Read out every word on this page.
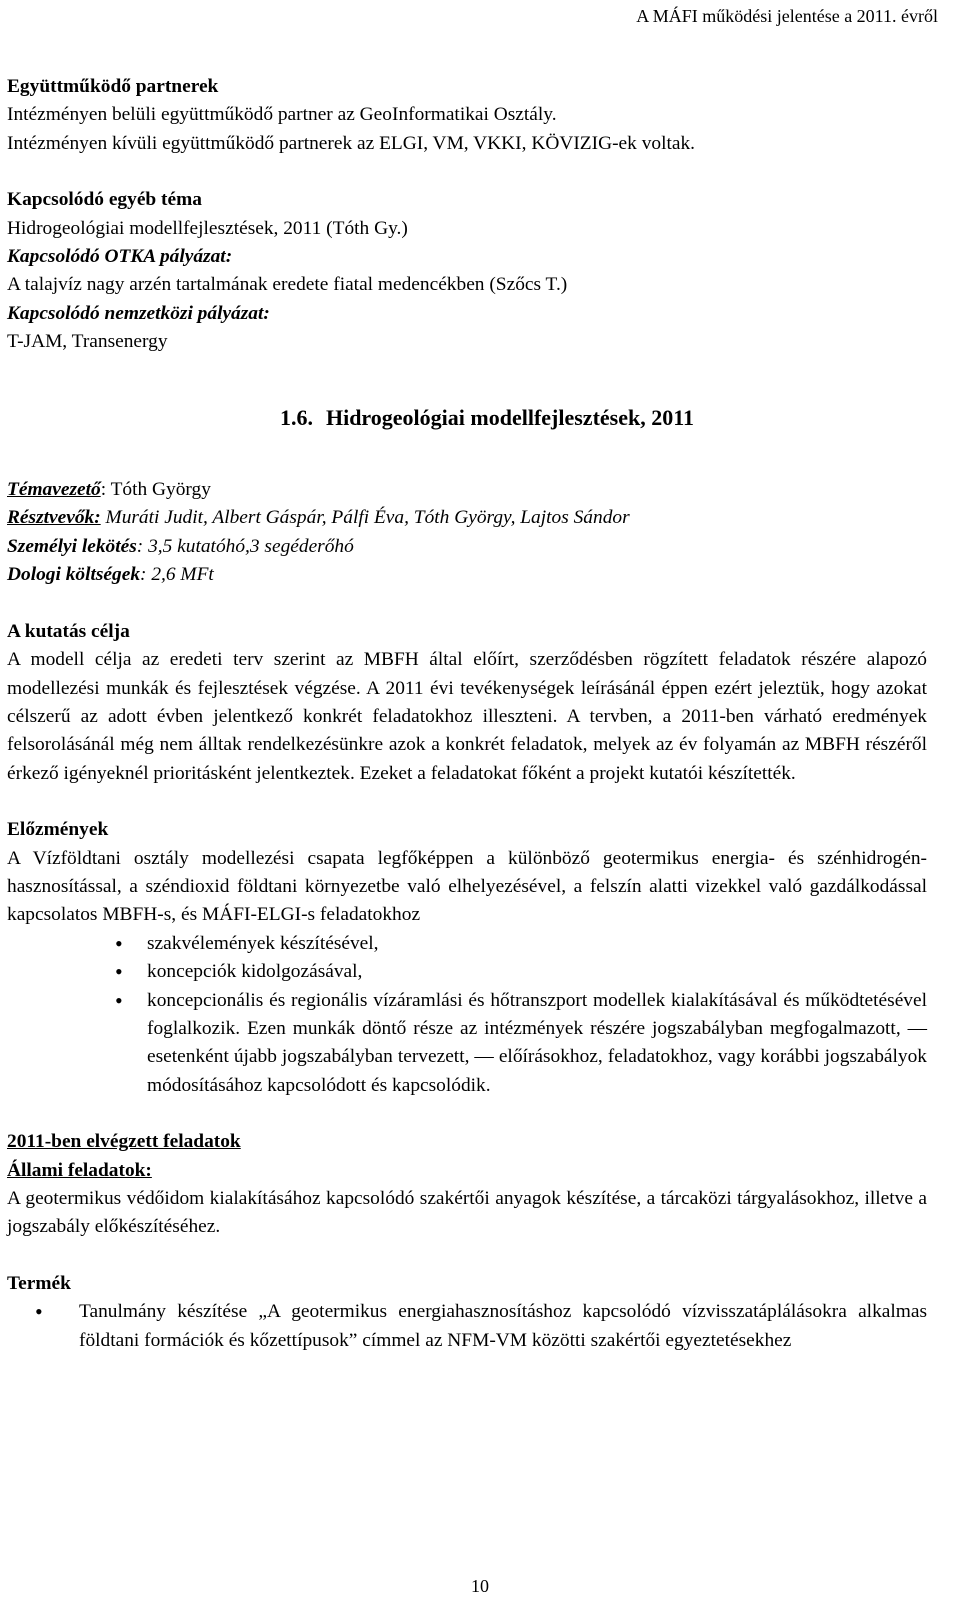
A MÁFI működési jelentése a 2011. évről
Együttműködő partnerek
Intézményen belüli együttműködő partner az GeoInformatikai Osztály.
Intézményen kívüli együttműködő partnerek az ELGI, VM, VKKI, KÖVIZIG-ek voltak.
Kapcsolódó egyéb téma
Hidrogeológiai modellfejlesztések, 2011 (Tóth Gy.)
Kapcsolódó OTKA pályázat:
A talajvíz nagy arzén tartalmának eredete fiatal medencékben (Szőcs T.)
Kapcsolódó nemzetközi pályázat:
T-JAM, Transenergy
1.6. Hidrogeológiai modellfejlesztések, 2011
Témavezető: Tóth György
Résztvevők: Muráti Judit, Albert Gáspár, Pálfi Éva, Tóth György, Lajtos Sándor
Személyi lekötés: 3,5 kutatóhó,3 segéderőhó
Dologi költségek: 2,6 MFt
A kutatás célja
A modell célja az eredeti terv szerint az MBFH által előírt, szerződésben rögzített feladatok részére alapozó modellezési munkák és fejlesztések végzése. A 2011 évi tevékenységek leírásánál éppen ezért jeleztük, hogy azokat célszerű az adott évben jelentkező konkrét feladatokhoz illeszteni. A tervben, a 2011-ben várható eredmények felsorolásánál még nem álltak rendelkezésünkre azok a konkrét feladatok, melyek az év folyamán az MBFH részéről érkező igényeknél prioritásként jelentkeztek. Ezeket a feladatokat főként a projekt kutatói készítették.
Előzmények
A Vízföldtani osztály modellezési csapata legfőképpen a különböző geotermikus energia- és szénhidrogén-hasznosítással, a széndioxid földtani környezetbe való elhelyezésével, a felszín alatti vizekkel való gazdálkodással kapcsolatos MBFH-s, és MÁFI-ELGI-s feladatokhoz
• szakvélemények készítésével,
• koncepciók kidolgozásával,
• koncepcionális és regionális vízáramlási és hőtranszport modellek kialakításával és működtetésével foglalkozik. Ezen munkák döntő része az intézmények részére jogszabályban megfogalmazott, — esetenként újabb jogszabályban tervezett, — előírásokhoz, feladatokhoz, vagy korábbi jogszabályok módosításához kapcsolódott és kapcsolódik.
2011-ben elvégzett feladatok
Állami feladatok:
A geotermikus védőidom kialakításához kapcsolódó szakértői anyagok készítése, a tárcaközi tárgyalásokhoz, illetve a jogszabály előkészítéséhez.
Termék
• Tanulmány készítése „A geotermikus energiahasznosításhoz kapcsolódó vízvisszatáplálásokra alkalmas földtani formációk és kőzettípusok” címmel az NFM-VM közötti szakértői egyeztetésekhez
10
